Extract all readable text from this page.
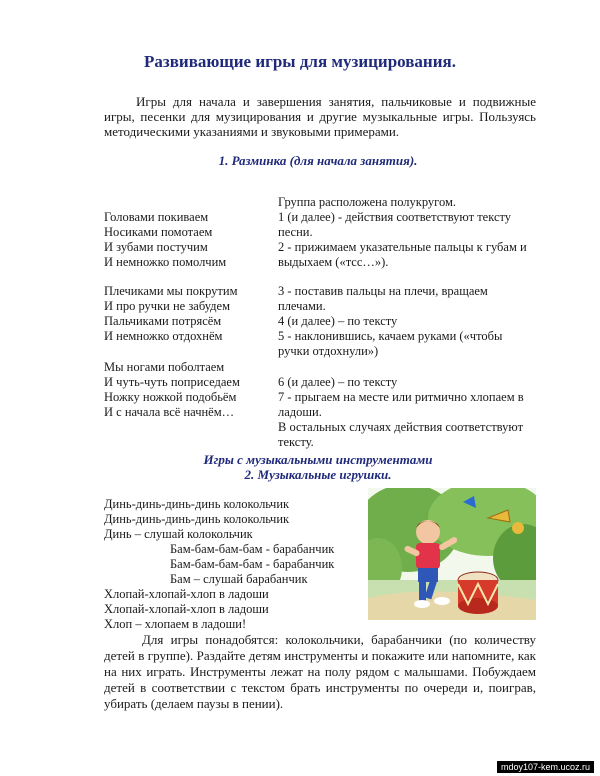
Развивающие игры для музицирования.
Игры для начала и завершения занятия, пальчиковые и подвижные игры, песенки для музицирования и другие музыкальные игры. Пользуясь методическими указаниями и звуковыми примерами.
1. Разминка (для начала занятия).
Группа расположена полукругом.
Головами покиваем
Носиками помотаем
И зубами постучим
И немножко помолчим
Плечиками мы покрутим
И про ручки не забудем
Пальчиками потрясём
И немножко отдохнём
Мы ногами поболтаем
И чуть-чуть поприседаем
Ножку ножкой подобьём
И с начала всё начнём…
1 (и далее) - действия соответствуют тексту
песни.
2 - прижимаем указательные пальцы к губам и
выдыхаем («тсс…»).
3 - поставив пальцы на плечи, вращаем
плечами.
4 (и далее) – по тексту
5 - наклонившись, качаем руками («чтобы
ручки отдохнули»)
6 (и далее) – по тексту
7 - прыгаем на месте или ритмично хлопаем в
ладоши.
В остальных случаях действия соответствуют
тексту.
Игры с музыкальными инструментами
2. Музыкальные игрушки.
Динь-динь-динь-динь колокольчик
Динь-динь-динь-динь колокольчик
Динь – слушай колокольчик
Бам-бам-бам-бам - барабанчик
Бам-бам-бам-бам - барабанчик
Бам – слушай барабанчик
Хлопай-хлопай-хлоп в ладоши
Хлопай-хлопай-хлоп в ладоши
Хлоп – хлопаем в ладоши!
Для игры понадобятся: колокольчики, барабанчики (по количеству детей в группе). Раздайте детям инструменты и покажите или напомните, как на них играть. Инструменты лежат на полу рядом с малышами. Побуждаем детей в соответствии с текстом брать инструменты по очереди и, поиграв, убирать (делаем паузы в пении).
mdoy107-kem.ucoz.ru
